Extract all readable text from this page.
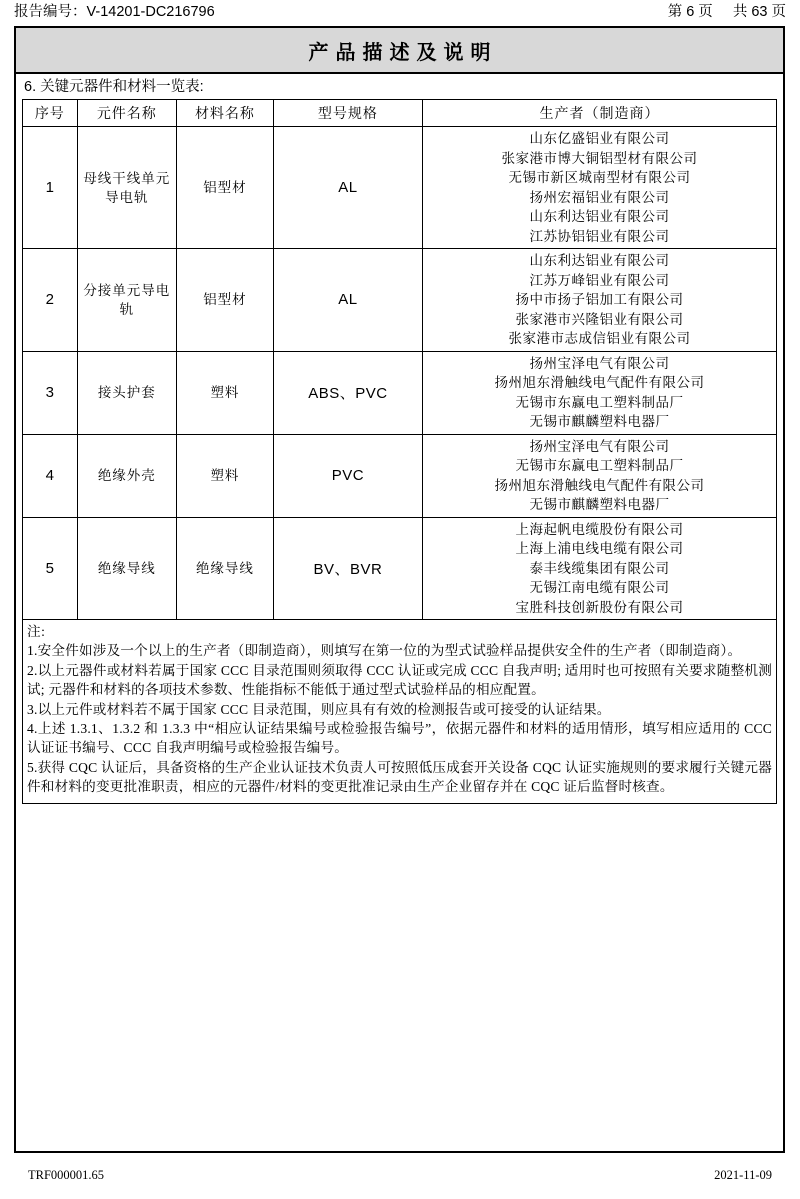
报告编号：V-14201-DC216796	第 6 页 共 63 页
产品描述及说明
6. 关键元器件和材料一览表:
序号	元件名称	材料名称	型号规格	生产者（制造商）
1	母线干线单元导电轨	铝型材	AL	
山东亿盛铝业有限公司
张家港市博大铜铝型材有限公司
无锡市新区城南型材有限公司
扬州宏福铝业有限公司
山东利达铝业有限公司
江苏协铝铝业有限公司

2	分接单元导电轨	铝型材	AL	山东利达铝业有限公司
江苏万峰铝业有限公司
扬中市扬子铝加工有限公司
张家港市兴隆铝业有限公司
张家港市志成信铝业有限公司

3	接头护套	塑料	ABS、PVC	扬州宝泽电气有限公司
扬州旭东滑触线电气配件有限公司
无锡市东赢电工塑料制品厂
无锡市麒麟塑料电器厂

4	绝缘外壳	塑料	PVC	扬州宝泽电气有限公司
无锡市东赢电工塑料制品厂
扬州旭东滑触线电气配件有限公司
无锡市麒麟塑料电器厂

5	绝缘导线	绝缘导线	BV、BVR	上海起帆电缆股份有限公司
上海上浦电线电缆有限公司
泰丰线缆集团有限公司
无锡江南电缆有限公司
宝胜科技创新股份有限公司

注:

1.安全件如涉及一个以上的生产者（即制造商），则填写在第一位的为型式试验样品提供安全件的生产者（即制造商）。

2.以上元器件或材料若属于国家 CCC 目录范围则须取得 CCC 认证或完成 CCC 自我声明; 适用时也可按照有关要求随整机测试; 元器件和材料的各项技术参数、性能指标不能低于通过型式试验样品的相应配置。

3.以上元件或材料若不属于国家 CCC 目录范围，则应具有有效的检测报告或可接受的认证结果。

4.上述 1.3.1、1.3.2 和 1.3.3 中“相应认证结果编号或检验报告编号”，依据元器件和材料的适用情形，填写相应适用的 CCC 认证证书编号、CCC 自我声明编号或检验报告编号。

5.获得 CQC 认证后，具备资格的生产企业认证技术负责人可按照低压成套开关设备 CQC 认证实施规则的要求履行关键元器件和材料的变更批准职责，相应的元器件/材料的变更批准记录由生产企业留存并在 CQC 证后监督时核查。

TRF000001.65	2021-11-09
